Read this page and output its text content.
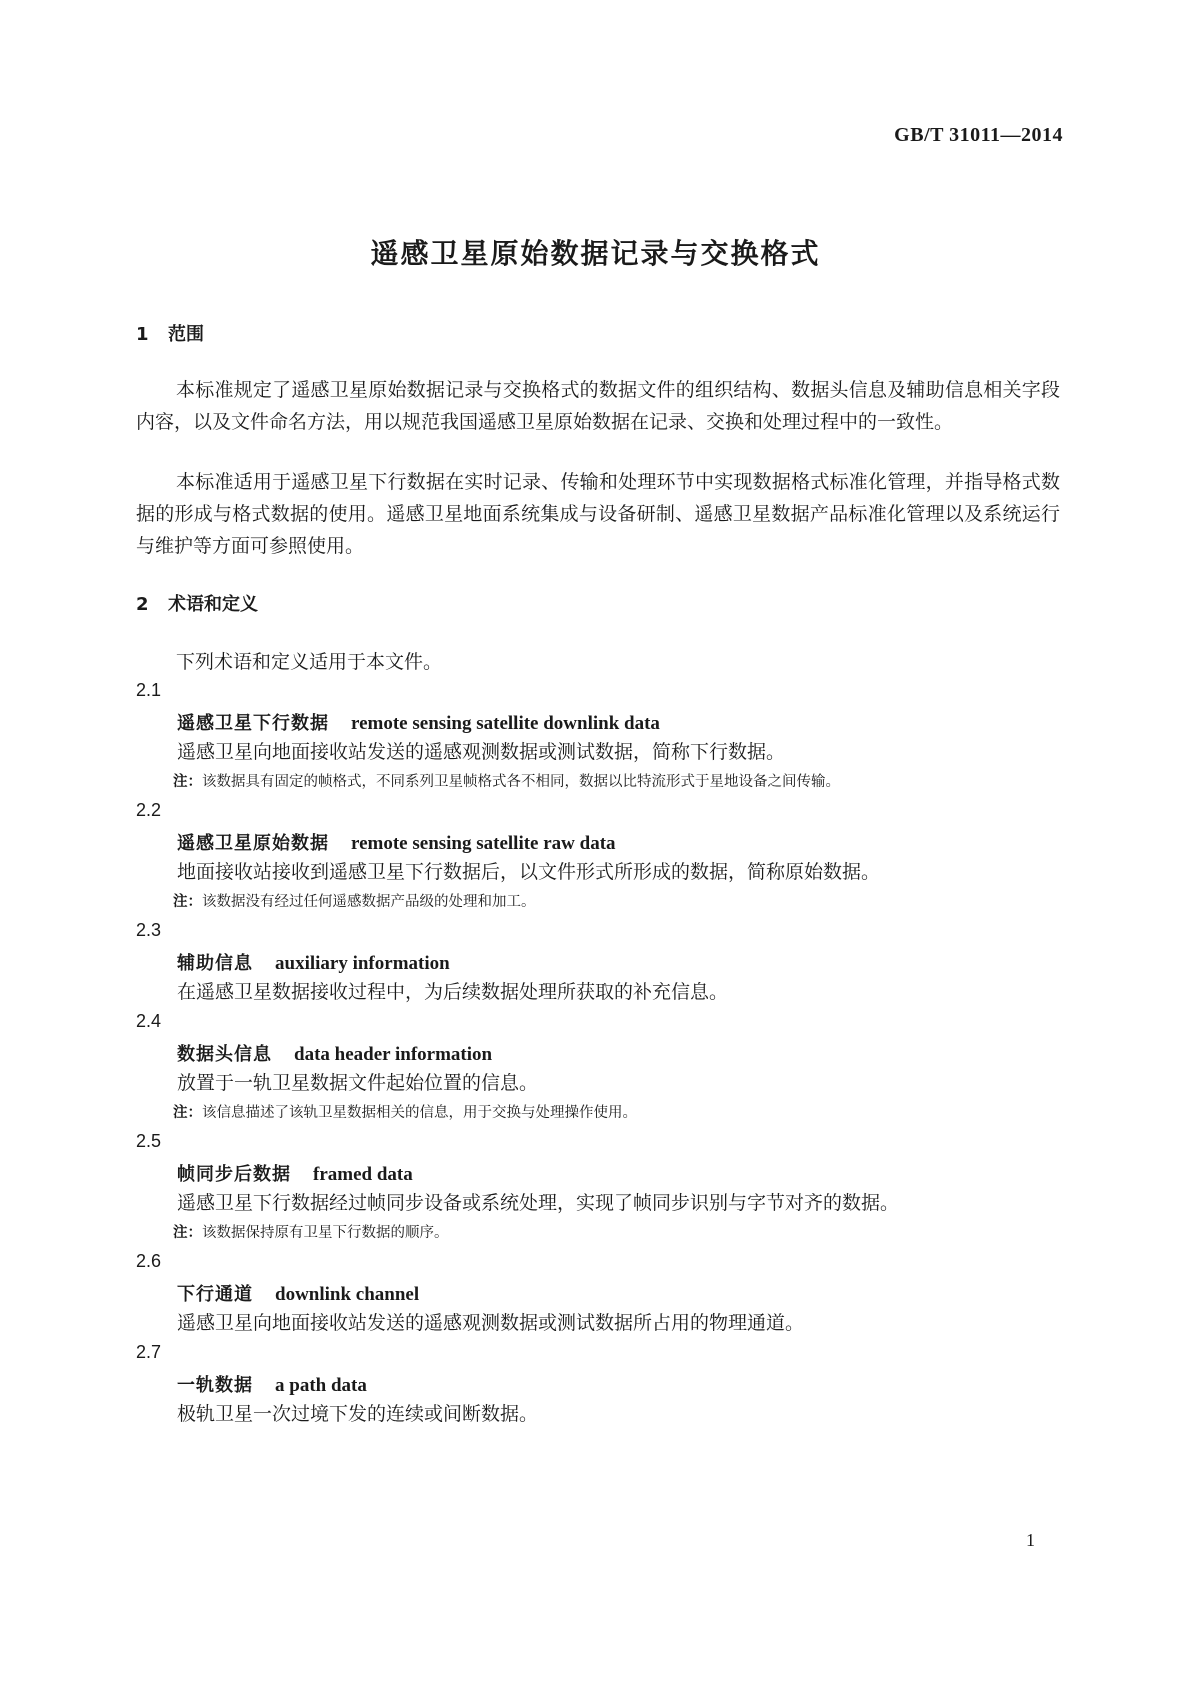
GB/T 31011—2014
遥感卫星原始数据记录与交换格式
1 范围

本标准规定了遥感卫星原始数据记录与交换格式的数据文件的组织结构、数据头信息及辅助信息相关字段内容，以及文件命名方法，用以规范我国遥感卫星原始数据在记录、交换和处理过程中的一致性。

本标准适用于遥感卫星下行数据在实时记录、传输和处理环节中实现数据格式标准化管理，并指导格式数据的形成与格式数据的使用。遥感卫星地面系统集成与设备研制、遥感卫星数据产品标准化管理以及系统运行与维护等方面可参照使用。

2 术语和定义

下列术语和定义适用于本文件。

2.1
遥感卫星下行数据 remote sensing satellite downlink data
遥感卫星向地面接收站发送的遥感观测数据或测试数据，简称下行数据。
注：该数据具有固定的帧格式，不同系列卫星帧格式各不相同，数据以比特流形式于星地设备之间传输。
2.2
遥感卫星原始数据 remote sensing satellite raw data
地面接收站接收到遥感卫星下行数据后，以文件形式所形成的数据，简称原始数据。
注：该数据没有经过任何遥感数据产品级的处理和加工。
2.3
辅助信息 auxiliary information
在遥感卫星数据接收过程中，为后续数据处理所获取的补充信息。
2.4
数据头信息 data header information
放置于一轨卫星数据文件起始位置的信息。
注：该信息描述了该轨卫星数据相关的信息，用于交换与处理操作使用。
2.5
帧同步后数据 framed data
遥感卫星下行数据经过帧同步设备或系统处理，实现了帧同步识别与字节对齐的数据。
注：该数据保持原有卫星下行数据的顺序。
2.6
下行通道 downlink channel
遥感卫星向地面接收站发送的遥感观测数据或测试数据所占用的物理通道。
2.7
一轨数据 a path data
极轨卫星一次过境下发的连续或间断数据。
1
